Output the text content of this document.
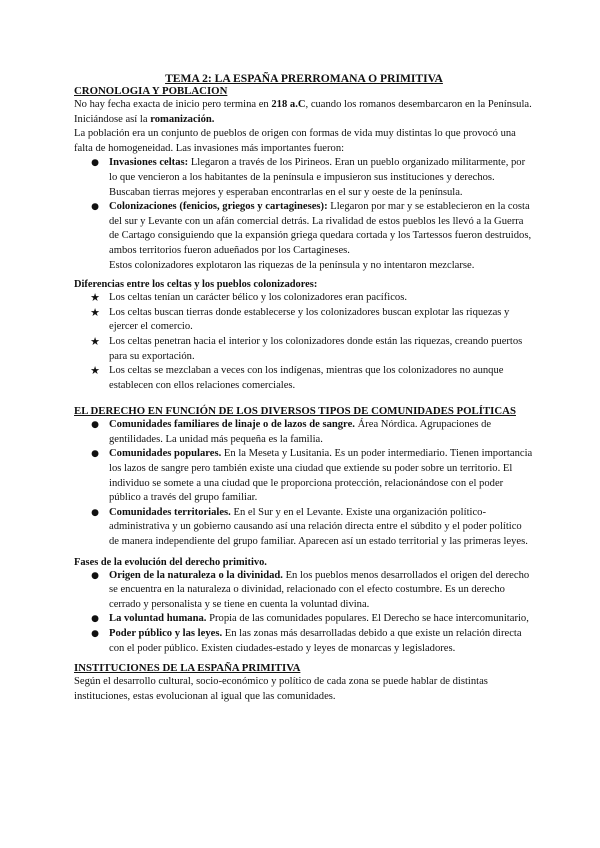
TEMA 2: LA ESPAÑA PRERROMANA O PRIMITIVA
CRONOLOGIA Y POBLACION

No hay fecha exacta de inicio pero termina en 218 a.C, cuando los romanos desembarcaron en la Península. Iniciándose así la romanización.

La población era un conjunto de pueblos de origen con formas de vida muy distintas lo que provocó una falta de homogeneidad. Las invasiones más importantes fueron:

● Invasiones celtas: Llegaron a través de los Pirineos. Eran un pueblo organizado militarmente, por lo que vencieron a los habitantes de la península e impusieron sus instituciones y derechos. Buscaban tierras mejores y esperaban encontrarlas en el sur y oeste de la península.
● Colonizaciones (fenicios, griegos y cartagineses): Llegaron por mar y se establecieron en la costa del sur y Levante con un afán comercial detrás. La rivalidad de estos pueblos les llevó a la Guerra de Cartago consiguiendo que la expansión griega quedara cortada y los Tartessos fueron destruidos, ambos territorios fueron adueñados por los Cartagineses.
Estos colonizadores explotaron las riquezas de la península y no intentaron mezclarse.
Diferencias entre los celtas y los pueblos colonizadores:
★ Los celtas tenían un carácter bélico y los colonizadores eran pacíficos.
★ Los celtas buscan tierras donde establecerse y los colonizadores buscan explotar las riquezas y ejercer el comercio.
★ Los celtas penetran hacia el interior y los colonizadores donde están las riquezas, creando puertos para su exportación.
★ Los celtas se mezclaban a veces con los indígenas, mientras que los colonizadores no aunque establecen con ellos relaciones comerciales.
EL DERECHO EN FUNCIÓN DE LOS DIVERSOS TIPOS DE COMUNIDADES POLÍTICAS
● Comunidades familiares de linaje o de lazos de sangre. Área Nórdica. Agrupaciones de gentilidades. La unidad más pequeña es la familia.
● Comunidades populares. En la Meseta y Lusitania. Es un poder intermediario. Tienen importancia los lazos de sangre pero también existe una ciudad que extiende su poder sobre un territorio. El individuo se somete a una ciudad que le proporciona protección, relacionándose con el poder público a través del grupo familiar.
● Comunidades territoriales. En el Sur y en el Levante. Existe una organización político-administrativa y un gobierno causando así una relación directa entre el súbdito y el poder político de manera independiente del grupo familiar. Aparecen así un estado territorial y las primeras leyes.
Fases de la evolución del derecho primitivo.
● Origen de la naturaleza o la divinidad. En los pueblos menos desarrollados el origen del derecho se encuentra en la naturaleza o divinidad, relacionado con el efecto costumbre. Es un derecho cerrado y personalista y se tiene en cuenta la voluntad divina.
● La voluntad humana. Propia de las comunidades populares. El Derecho se hace intercomunitario,
● Poder público y las leyes. En las zonas más desarrolladas debido a que existe un relación directa con el poder público. Existen ciudades-estado y leyes de monarcas y legisladores.
INSTITUCIONES DE LA ESPAÑA PRIMITIVA

Según el desarrollo cultural, socio-económico y político de cada zona se puede hablar de distintas instituciones, estas evolucionan al igual que las comunidades.
